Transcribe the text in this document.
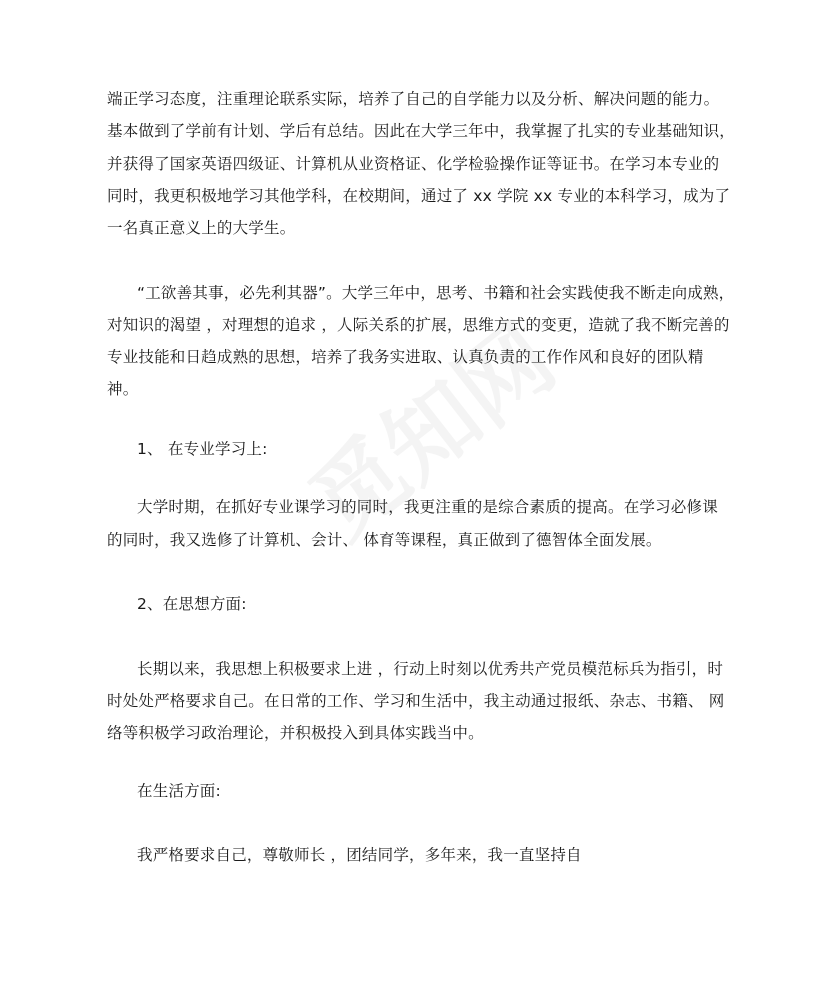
端正学习态度，注重理论联系实际，培养了自己的自学能力以及分析、解决问题的能力。
基本做到了学前有计划、学后有总结。因此在大学三年中，我掌握了扎实的专业基础知识，
并获得了国家英语四级证、计算机从业资格证、化学检验操作证等证书。在学习本专业的
同时，我更积极地学习其他学科，在校期间，通过了 xx 学院 xx 专业的本科学习，成为了
一名真正意义上的大学生。
“工欲善其事，必先利其器”。大学三年中，思考、书籍和社会实践使我不断走向成熟，
对知识的渴望 ，对理想的追求 ，人际关系的扩展，思维方式的变更，造就了我不断完善的
专业技能和日趋成熟的思想，培养了我务实进取、认真负责的工作作风和良好的团队精
神。
1、 在专业学习上:
大学时期，在抓好专业课学习的同时，我更注重的是综合素质的提高。在学习必修课
的同时，我又选修了计算机、会计、 体育等课程，真正做到了德智体全面发展。
2、在思想方面:
长期以来，我思想上积极要求上进 ，行动上时刻以优秀共产党员模范标兵为指引，时
时处处严格要求自己。在日常的工作、学习和生活中，我主动通过报纸、杂志、书籍、 网
络等积极学习政治理论，并积极投入到具体实践当中。
在生活方面:
我严格要求自己，尊敬师长 ，团结同学，多年来，我一直坚持自
